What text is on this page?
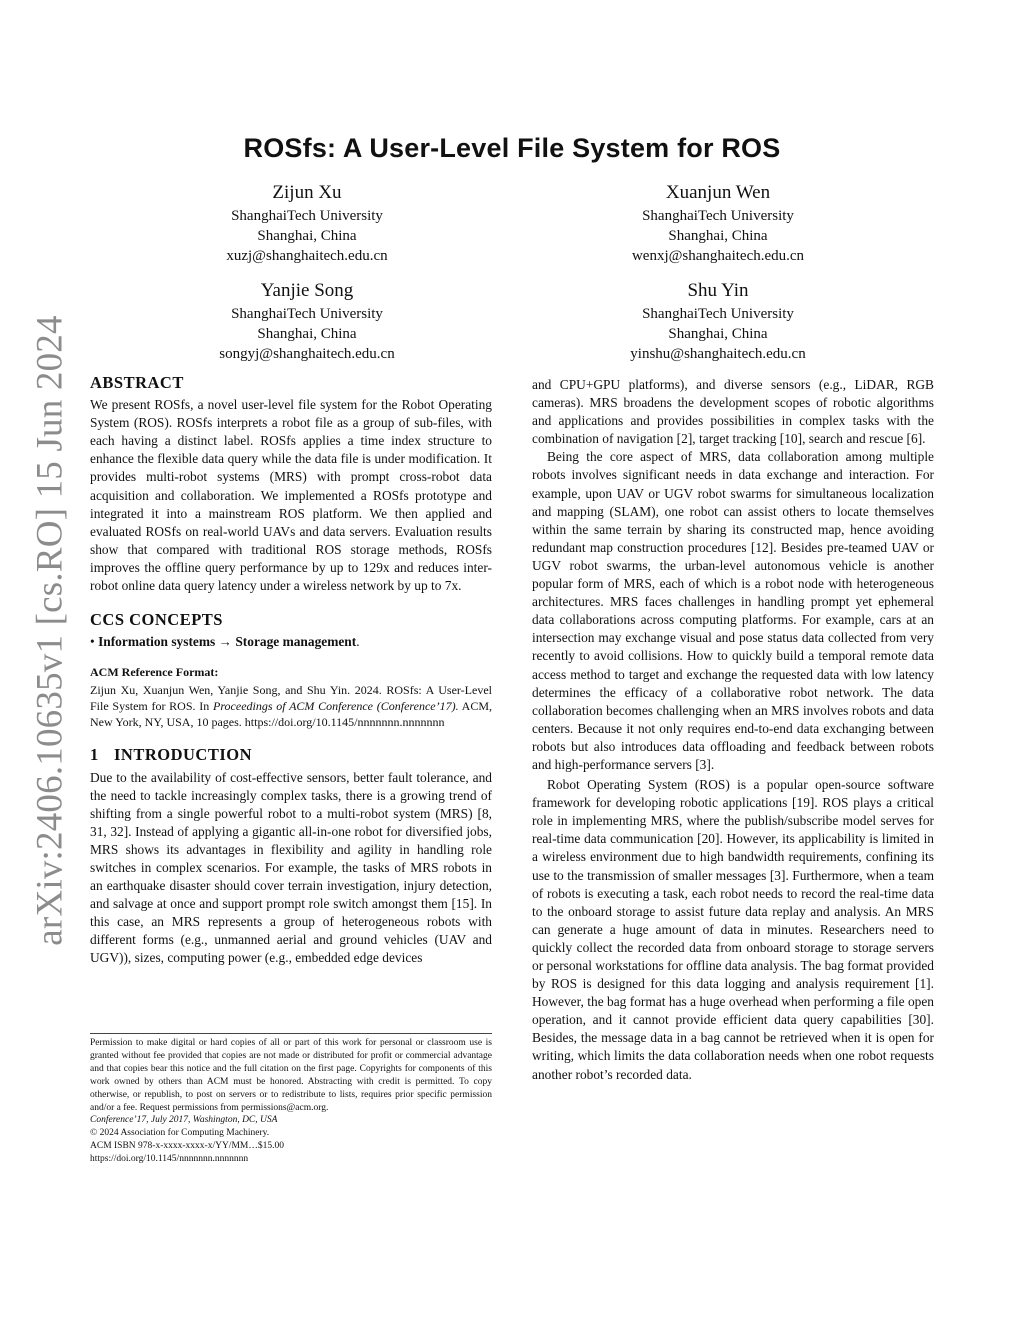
arXiv:2406.10635v1 [cs.RO] 15 Jun 2024
ROSfs: A User-Level File System for ROS
Zijun Xu
ShanghaiTech University
Shanghai, China
xuzj@shanghaitech.edu.cn
Xuanjun Wen
ShanghaiTech University
Shanghai, China
wenxj@shanghaitech.edu.cn
Yanjie Song
ShanghaiTech University
Shanghai, China
songyj@shanghaitech.edu.cn
Shu Yin
ShanghaiTech University
Shanghai, China
yinshu@shanghaitech.edu.cn
ABSTRACT

We present ROSfs, a novel user-level file system for the Robot Operating System (ROS). ROSfs interprets a robot file as a group of sub-files, with each having a distinct label. ROSfs applies a time index structure to enhance the flexible data query while the data file is under modification. It provides multi-robot systems (MRS) with prompt cross-robot data acquisition and collaboration. We implemented a ROSfs prototype and integrated it into a mainstream ROS platform. We then applied and evaluated ROSfs on real-world UAVs and data servers. Evaluation results show that compared with traditional ROS storage methods, ROSfs improves the offline query performance by up to 129x and reduces inter-robot online data query latency under a wireless network by up to 7x.

CCS CONCEPTS

• Information systems → Storage management.

ACM Reference Format:

Zijun Xu, Xuanjun Wen, Yanjie Song, and Shu Yin. 2024. ROSfs: A User-Level File System for ROS. In Proceedings of ACM Conference (Conference’17). ACM, New York, NY, USA, 10 pages. https://doi.org/10.1145/nnnnnnn.nnnnnnn

1 INTRODUCTION

Due to the availability of cost-effective sensors, better fault tolerance, and the need to tackle increasingly complex tasks, there is a growing trend of shifting from a single powerful robot to a multi-robot system (MRS) [8, 31, 32]. Instead of applying a gigantic all-in-one robot for diversified jobs, MRS shows its advantages in flexibility and agility in handling role switches in complex scenarios. For example, the tasks of MRS robots in an earthquake disaster should cover terrain investigation, injury detection, and salvage at once and support prompt role switch amongst them [15]. In this case, an MRS represents a group of heterogeneous robots with different forms (e.g., unmanned aerial and ground vehicles (UAV and UGV)), sizes, computing power (e.g., embedded edge devices

Permission to make digital or hard copies of all or part of this work for personal or classroom use is granted without fee provided that copies are not made or distributed for profit or commercial advantage and that copies bear this notice and the full citation on the first page. Copyrights for components of this work owned by others than ACM must be honored. Abstracting with credit is permitted. To copy otherwise, or republish, to post on servers or to redistribute to lists, requires prior specific permission and/or a fee. Request permissions from permissions@acm.org.

Conference’17, July 2017, Washington, DC, USA

© 2024 Association for Computing Machinery.

ACM ISBN 978-x-xxxx-xxxx-x/YY/MM…$15.00

https://doi.org/10.1145/nnnnnnn.nnnnnnn

and CPU+GPU platforms), and diverse sensors (e.g., LiDAR, RGB cameras). MRS broadens the development scopes of robotic algorithms and applications and provides possibilities in complex tasks with the combination of navigation [2], target tracking [10], search and rescue [6].

Being the core aspect of MRS, data collaboration among multiple robots involves significant needs in data exchange and interaction. For example, upon UAV or UGV robot swarms for simultaneous localization and mapping (SLAM), one robot can assist others to locate themselves within the same terrain by sharing its constructed map, hence avoiding redundant map construction procedures [12]. Besides pre-teamed UAV or UGV robot swarms, the urban-level autonomous vehicle is another popular form of MRS, each of which is a robot node with heterogeneous architectures. MRS faces challenges in handling prompt yet ephemeral data collaborations across computing platforms. For example, cars at an intersection may exchange visual and pose status data collected from very recently to avoid collisions. How to quickly build a temporal remote data access method to target and exchange the requested data with low latency determines the efficacy of a collaborative robot network. The data collaboration becomes challenging when an MRS involves robots and data centers. Because it not only requires end-to-end data exchanging between robots but also introduces data offloading and feedback between robots and high-performance servers [3].

Robot Operating System (ROS) is a popular open-source software framework for developing robotic applications [19]. ROS plays a critical role in implementing MRS, where the publish/subscribe model serves for real-time data communication [20]. However, its applicability is limited in a wireless environment due to high bandwidth requirements, confining its use to the transmission of smaller messages [3]. Furthermore, when a team of robots is executing a task, each robot needs to record the real-time data to the onboard storage to assist future data replay and analysis. An MRS can generate a huge amount of data in minutes. Researchers need to quickly collect the recorded data from onboard storage to storage servers or personal workstations for offline data analysis. The bag format provided by ROS is designed for this data logging and analysis requirement [1]. However, the bag format has a huge overhead when performing a file open operation, and it cannot provide efficient data query capabilities [30]. Besides, the message data in a bag cannot be retrieved when it is open for writing, which limits the data collaboration needs when one robot requests another robot’s recorded data.
